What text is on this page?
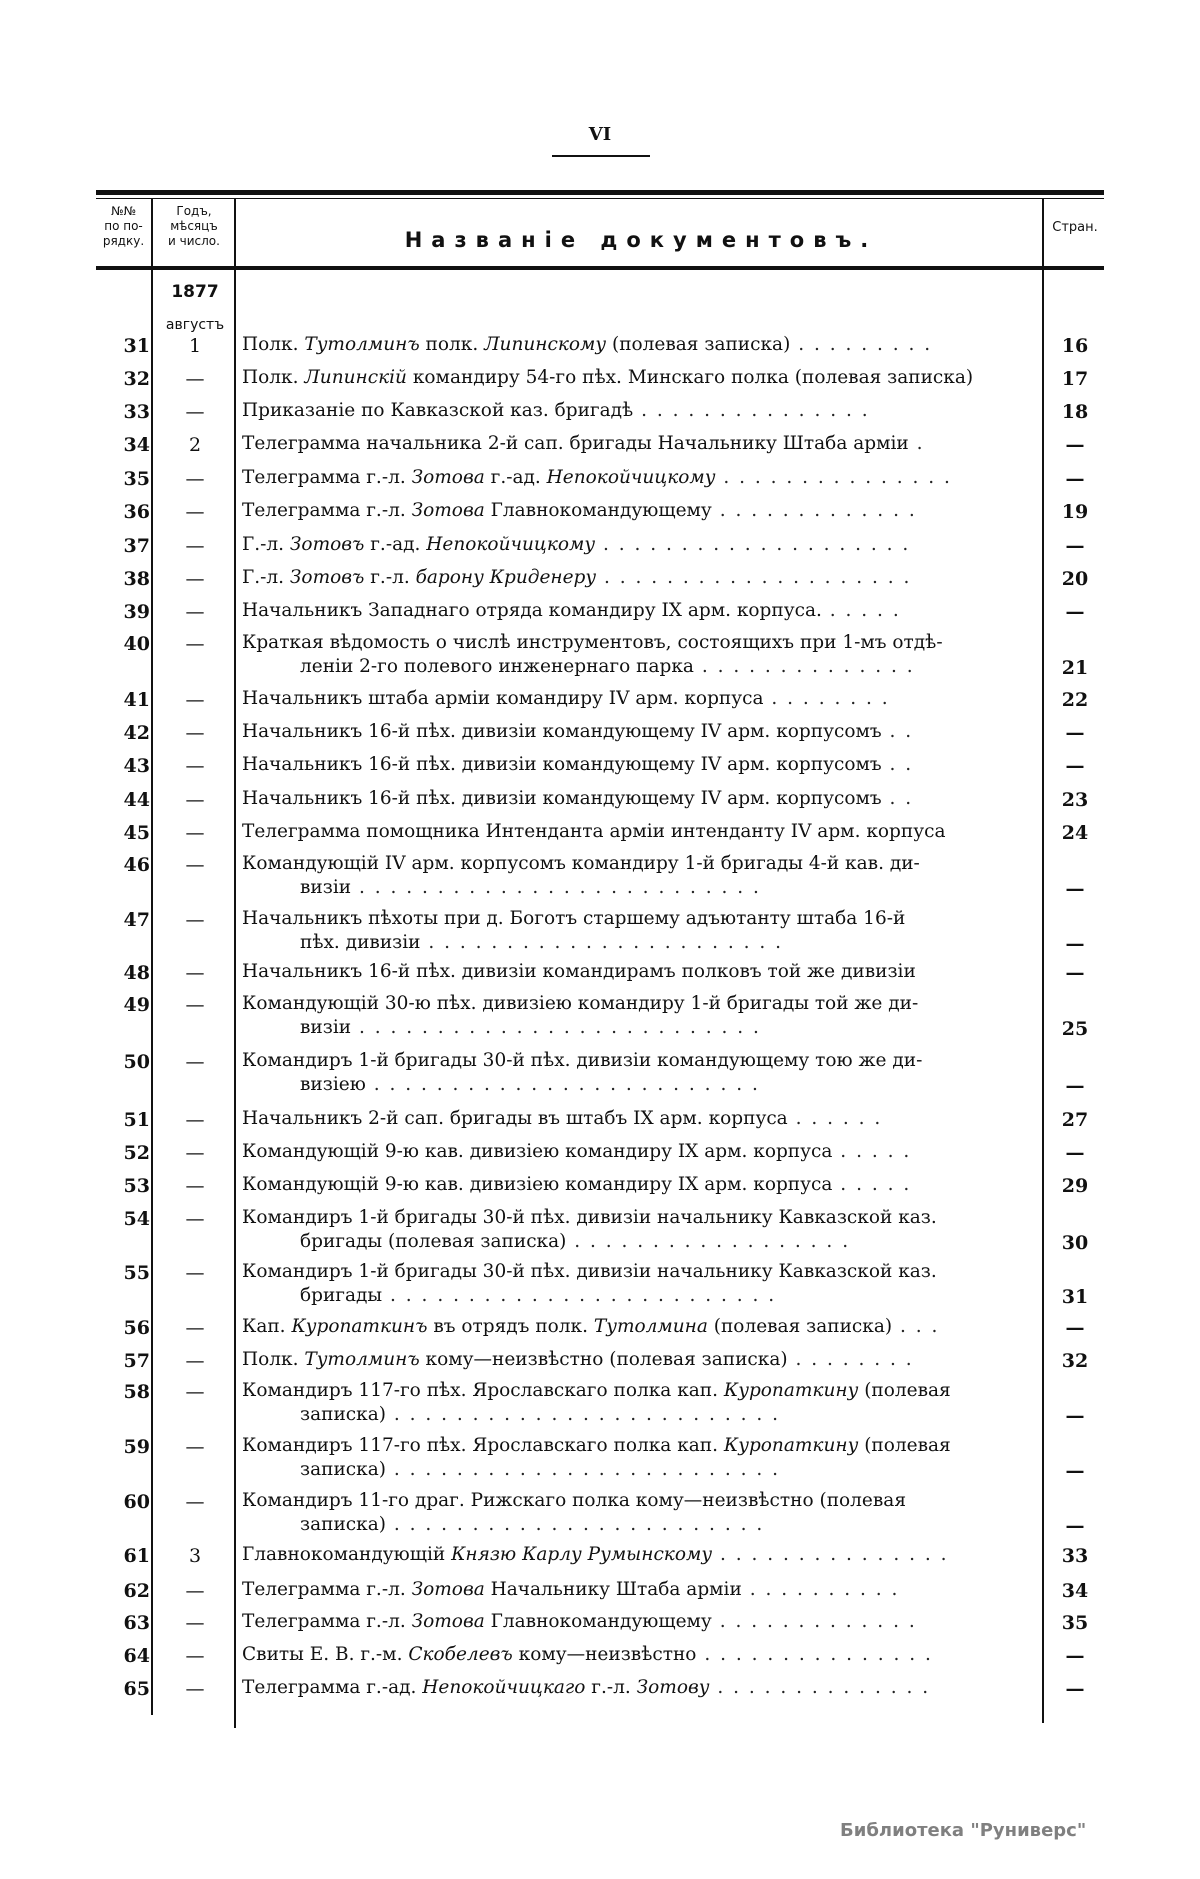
VI
№№
по по-
рядку.
Годъ,
мѣсяцъ
и число.	Названіе документовъ.
Стран.
1877
августъ
31	1	Полк. Тутолминъ полк. Липинскому (полевая записка) . . . . . . . . .	16
32	—	Полк. Липинскій командиру 54-го пѣх. Минскаго полка (полевая записка)	17
33	—	Приказаніе по Кавказской каз. бригадѣ . . . . . . . . . . . . . . .	18
34	2	Телеграмма начальника 2-й сап. бригады Начальнику Штаба арміи .	—
35	—	Телеграмма г.-л. Зотова г.-ад. Непокойчицкому . . . . . . . . . . . . . . .	—
36	—	Телеграмма г.-л. Зотова Главнокомандующему . . . . . . . . . . . . .	19
37	—	Г.-л. Зотовъ г.-ад. Непокойчицкому . . . . . . . . . . . . . . . . . . . .	—
38	—	Г.-л. Зотовъ г.-л. барону Криденеру . . . . . . . . . . . . . . . . . . . .	20
39	—	Начальникъ Западнаго отряда командиру IX арм. корпуса. . . . . .	—
40	—	Краткая вѣдомость о числѣ инструментовъ, состоящихъ при 1-мъ отдѣ-
леніи 2-го полевого инженернаго парка . . . . . . . . . . . . . .	21
41	—	Начальникъ штаба арміи командиру IV арм. корпуса . . . . . . . .	22
42	—	Начальникъ 16-й пѣх. дивизіи командующему IV арм. корпусомъ . .	—
43	—	Начальникъ 16-й пѣх. дивизіи командующему IV арм. корпусомъ . .	—
44	—	Начальникъ 16-й пѣх. дивизіи командующему IV арм. корпусомъ . .	23
45	—	Телеграмма помощника Интенданта арміи интенданту IV арм. корпуса	24
46	—	Командующій IV арм. корпусомъ командиру 1-й бригады 4-й кав. ди-
визіи . . . . . . . . . . . . . . . . . . . . . . . . . .	—
47	—	Начальникъ пѣхоты при д. Боготъ старшему адъютанту штаба 16-й
пѣх. дивизіи . . . . . . . . . . . . . . . . . . . . . . .	—
48	—	Начальникъ 16-й пѣх. дивизіи командирамъ полковъ той же дивизіи	—
49	—	Командующій 30-ю пѣх. дивизіею командиру 1-й бригады той же ди-
визіи . . . . . . . . . . . . . . . . . . . . . . . . . .	25
50	—	Командиръ 1-й бригады 30-й пѣх. дивизіи командующему тою же ди-
визіею . . . . . . . . . . . . . . . . . . . . . . . . .	—
51	—	Начальникъ 2-й сап. бригады въ штабъ IX арм. корпуса . . . . . .	27
52	—	Командующій 9-ю кав. дивизіею командиру IX арм. корпуса . . . . .	—
53	—	Командующій 9-ю кав. дивизіею командиру IX арм. корпуса . . . . .	29
54	—	Командиръ 1-й бригады 30-й пѣх. дивизіи начальнику Кавказской каз.
бригады (полевая записка) . . . . . . . . . . . . . . . . . .	30
55	—	Командиръ 1-й бригады 30-й пѣх. дивизіи начальнику Кавказской каз.
бригады . . . . . . . . . . . . . . . . . . . . . . . . .	31
56	—	Кап. Куропаткинъ въ отрядъ полк. Тутолмина (полевая записка) . . .	—
57	—	Полк. Тутолминъ кому—неизвѣстно (полевая записка) . . . . . . . .	32
58	—	Командиръ 117-го пѣх. Ярославскаго полка кап. Куропаткину (полевая
записка) . . . . . . . . . . . . . . . . . . . . . . . . .	—
59	—	Командиръ 117-го пѣх. Ярославскаго полка кап. Куропаткину (полевая
записка) . . . . . . . . . . . . . . . . . . . . . . . . .	—
60	—	Командиръ 11-го драг. Рижскаго полка кому—неизвѣстно (полевая
записка) . . . . . . . . . . . . . . . . . . . . . . . .	—
61	3	Главнокомандующій Князю Карлу Румынскому . . . . . . . . . . . . . . .	33
62	—	Телеграмма г.-л. Зотова Начальнику Штаба арміи . . . . . . . . . .	34
63	—	Телеграмма г.-л. Зотова Главнокомандующему . . . . . . . . . . . . .	35
64	—	Свиты Е. В. г.-м. Скобелевъ кому—неизвѣстно . . . . . . . . . . . . . . .	—
65	—	Телеграмма г.-ад. Непокойчицкаго г.-л. Зотову . . . . . . . . . . . . . .	—
Библиотека "Руниверс"
